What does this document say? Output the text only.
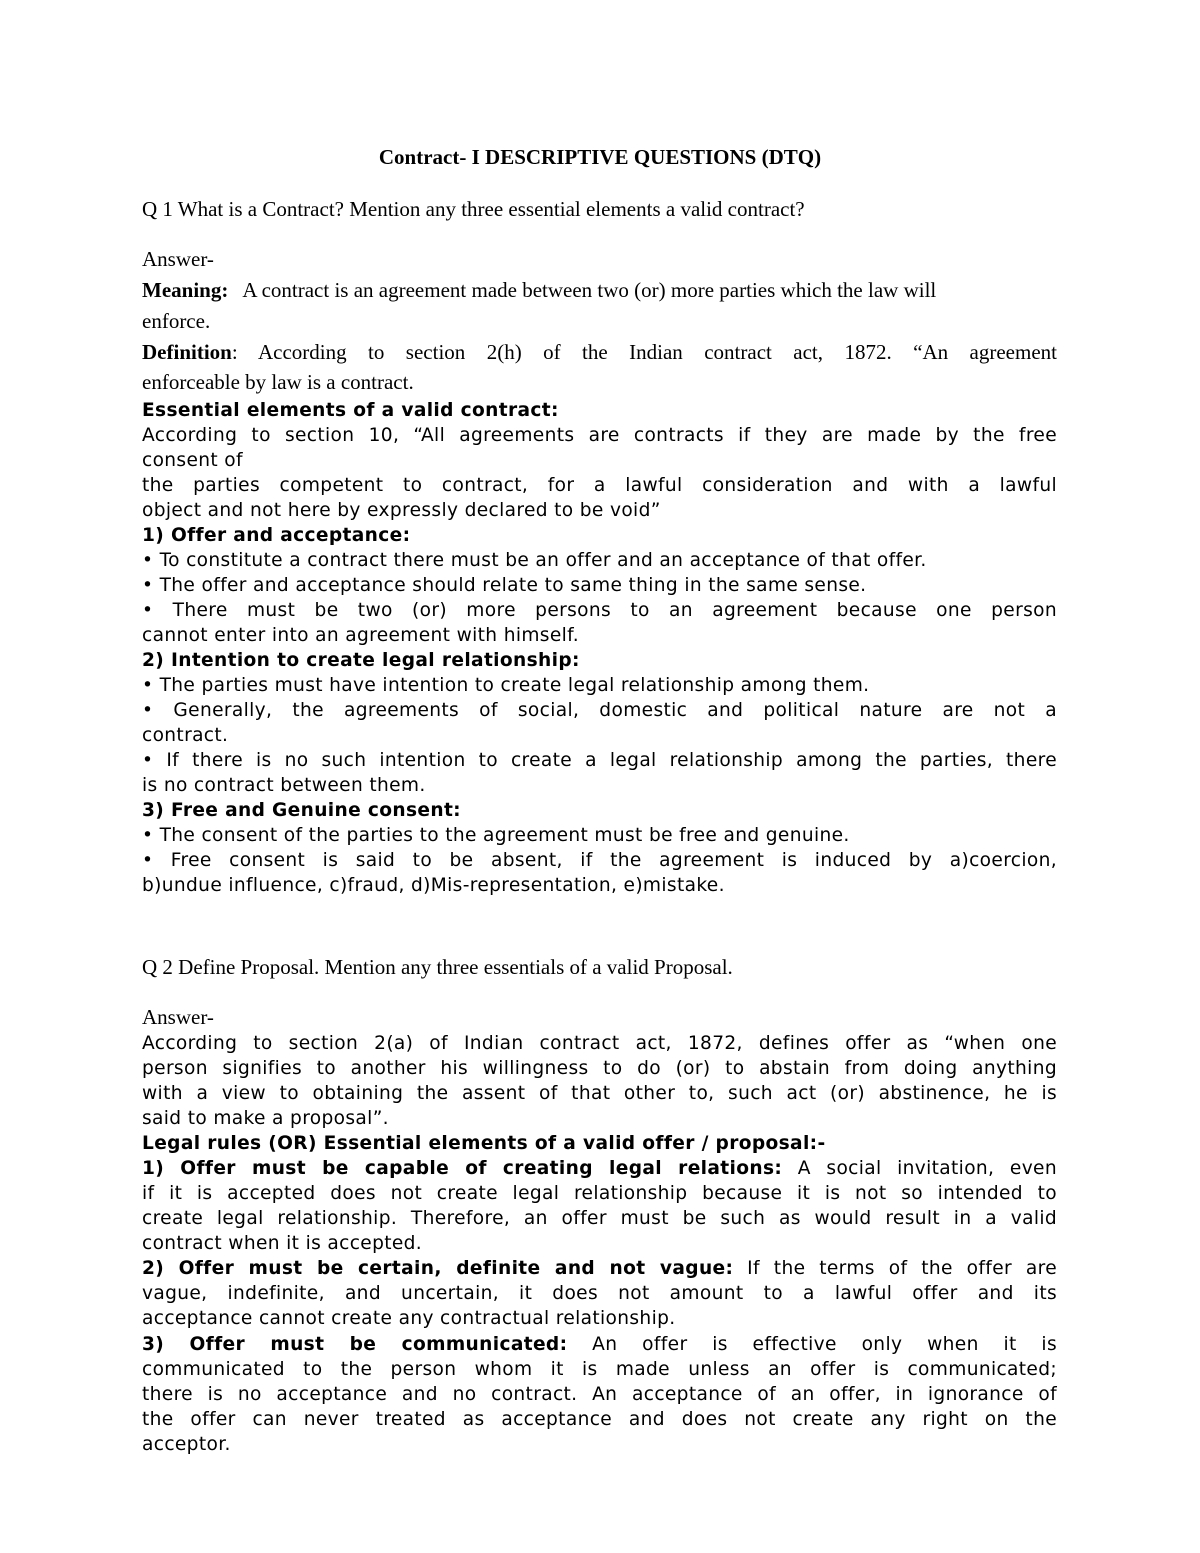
Contract- I DESCRIPTIVE QUESTIONS (DTQ)
Q 1 What is a Contract? Mention any three essential elements a valid contract?
Answer-
Meaning: A contract is an agreement made between two (or) more parties which the law will
enforce.
Definition: According to section 2(h) of the Indian contract act, 1872. “An agreement
enforceable by law is a contract.
Essential elements of a valid contract:
According to section 10, “All agreements are contracts if they are made by the free
consent of
the parties competent to contract, for a lawful consideration and with a lawful
object and not here by expressly declared to be void”
1) Offer and acceptance:
• To constitute a contract there must be an offer and an acceptance of that offer.
• The offer and acceptance should relate to same thing in the same sense.
• There must be two (or) more persons to an agreement because one person
cannot enter into an agreement with himself.
2) Intention to create legal relationship:
• The parties must have intention to create legal relationship among them.
• Generally, the agreements of social, domestic and political nature are not a
contract.
• If there is no such intention to create a legal relationship among the parties, there
is no contract between them.
3) Free and Genuine consent:
• The consent of the parties to the agreement must be free and genuine.
• Free consent is said to be absent, if the agreement is induced by a)coercion,
b)undue influence, c)fraud, d)Mis-representation, e)mistake.
Q 2 Define Proposal. Mention any three essentials of a valid Proposal.
Answer-
According to section 2(a) of Indian contract act, 1872, defines offer as “when one
person signifies to another his willingness to do (or) to abstain from doing anything
with a view to obtaining the assent of that other to, such act (or) abstinence, he is
said to make a proposal”.
Legal rules (OR) Essential elements of a valid offer / proposal:-
1) Offer must be capable of creating legal relations: A social invitation, even
if it is accepted does not create legal relationship because it is not so intended to
create legal relationship. Therefore, an offer must be such as would result in a valid
contract when it is accepted.
2) Offer must be certain, definite and not vague: If the terms of the offer are
vague, indefinite, and uncertain, it does not amount to a lawful offer and its
acceptance cannot create any contractual relationship.
3) Offer must be communicated: An offer is effective only when it is
communicated to the person whom it is made unless an offer is communicated;
there is no acceptance and no contract. An acceptance of an offer, in ignorance of
the offer can never treated as acceptance and does not create any right on the
acceptor.
